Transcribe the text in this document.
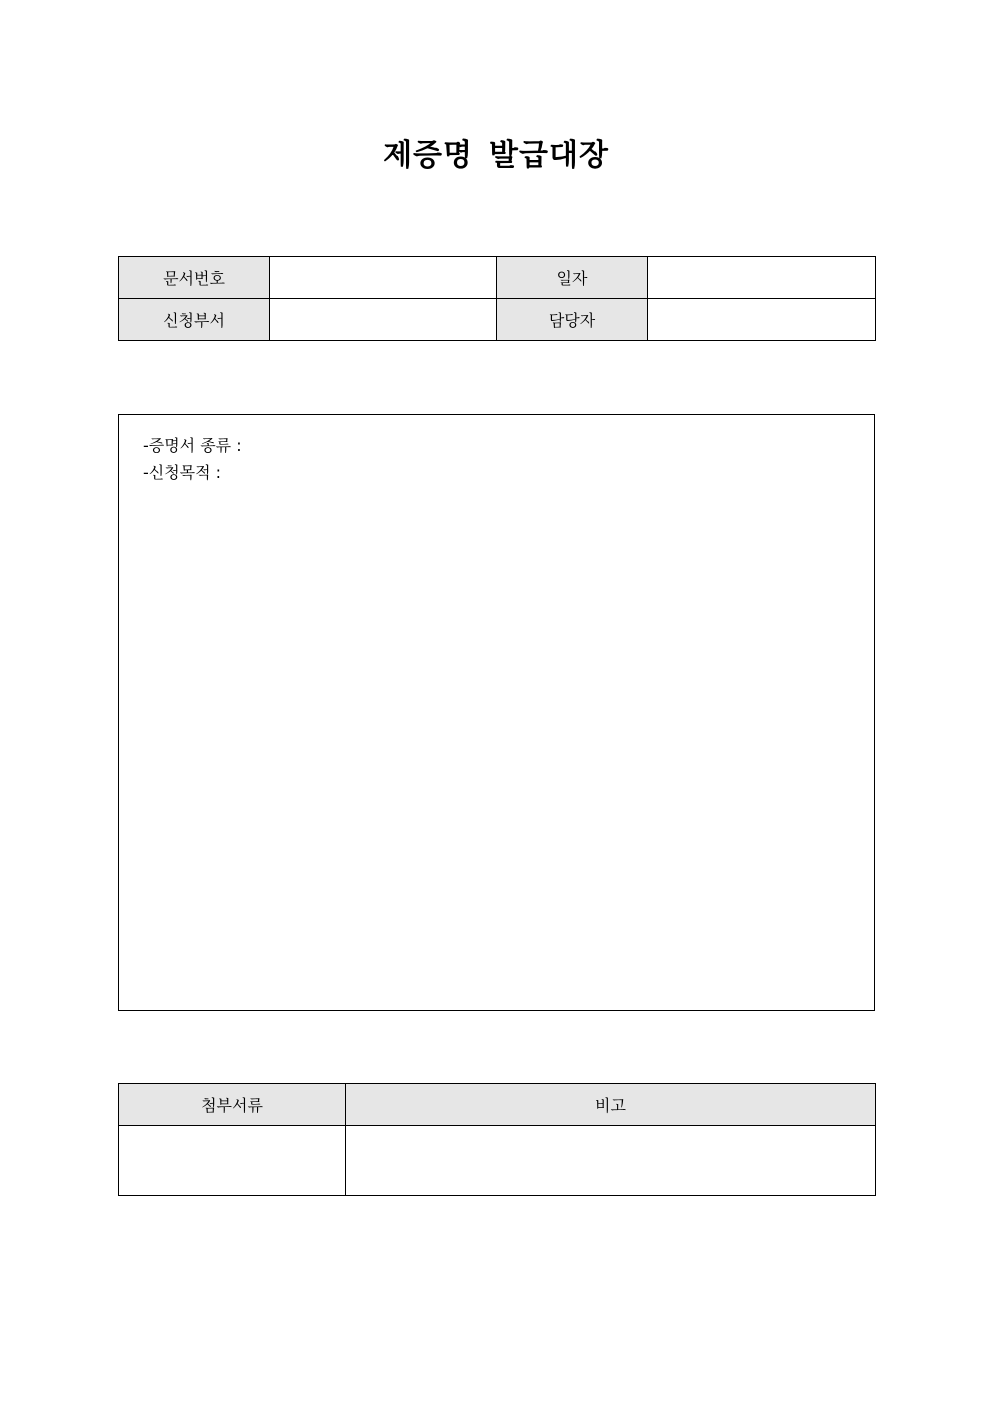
제증명 발급대장
문서번호		일자	
신청부서		담당자	
-증명서 종류 :
-신청목적 :
첨부서류	비고
